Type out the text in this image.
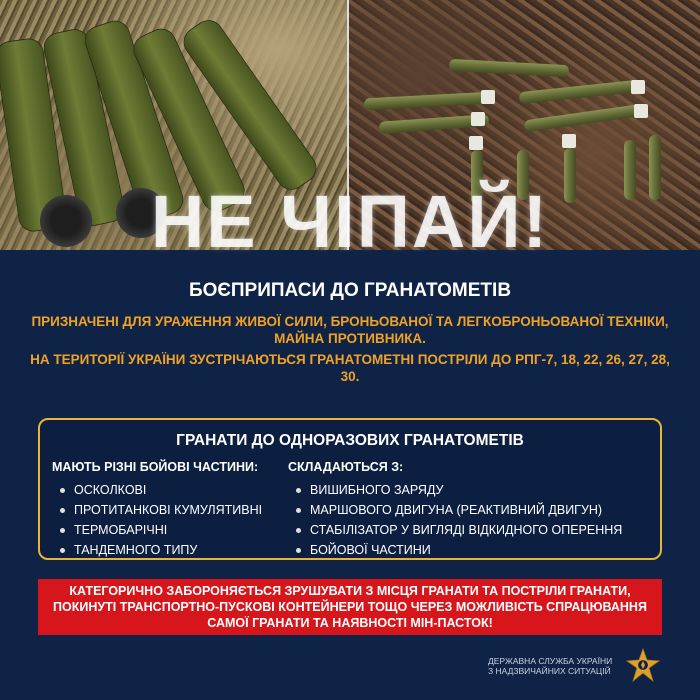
НЕ ЧІПАЙ!
БОЄПРИПАСИ ДО ГРАНАТОМЕТІВ
ПРИЗНАЧЕНІ ДЛЯ УРАЖЕННЯ ЖИВОЇ СИЛИ, БРОНЬОВАНОЇ ТА ЛЕГКОБРОНЬОВАНОЇ ТЕХНІКИ, МАЙНА ПРОТИВНИКА.
НА ТЕРИТОРІЇ УКРАЇНИ ЗУСТРІЧАЮТЬСЯ ГРАНАТОМЕТНІ ПОСТРІЛИ ДО РПГ-7, 18, 22, 26, 27, 28, 30.
ГРАНАТИ ДО ОДНОРАЗОВИХ ГРАНАТОМЕТІВ
МАЮТЬ РІЗНІ БОЙОВІ ЧАСТИНИ:
ОСКОЛКОВІ
ПРОТИТАНКОВІ КУМУЛЯТИВНІ
ТЕРМОБАРІЧНІ
ТАНДЕМНОГО ТИПУ
СКЛАДАЮТЬСЯ З:
ВИШИБНОГО ЗАРЯДУ
МАРШОВОГО ДВИГУНА (РЕАКТИВНИЙ ДВИГУН)
СТАБІЛІЗАТОР У ВИГЛЯДІ ВІДКИДНОГО ОПЕРЕННЯ
БОЙОВОЇ ЧАСТИНИ
КАТЕГОРИЧНО ЗАБОРОНЯЄТЬСЯ ЗРУШУВАТИ З МІСЦЯ ГРАНАТИ ТА ПОСТРІЛИ ГРАНАТИ, ПОКИНУТІ ТРАНСПОРТНО-ПУСКОВІ КОНТЕЙНЕРИ ТОЩО ЧЕРЕЗ МОЖЛИВІСТЬ СПРАЦЮВАННЯ САМОЇ ГРАНАТИ ТА НАЯВНОСТІ МІН-ПАСТОК!
ДЕРЖАВНА СЛУЖБА УКРАЇНИ
З НАДЗВИЧАЙНИХ СИТУАЦІЙ
